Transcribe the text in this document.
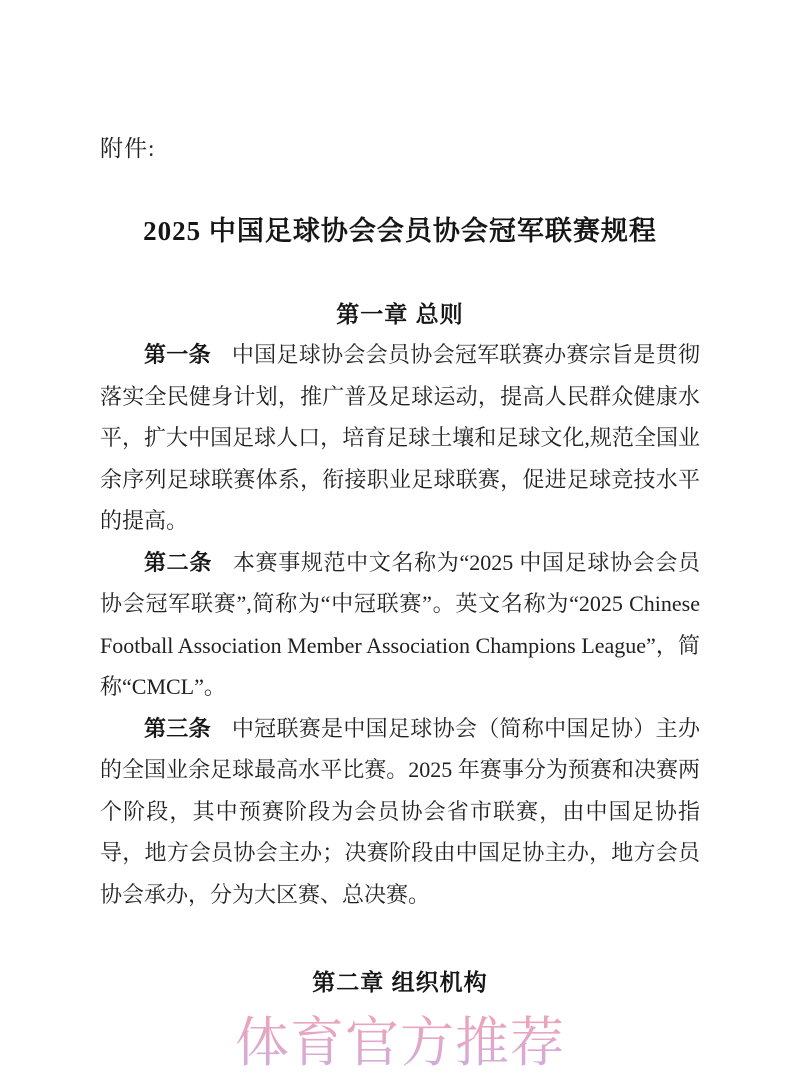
附件:
2025 中国足球协会会员协会冠军联赛规程
第一章 总则

第一条 中国足球协会会员协会冠军联赛办赛宗旨是贯彻落实全民健身计划，推广普及足球运动，提高人民群众健康水平，扩大中国足球人口，培育足球土壤和足球文化,规范全国业余序列足球联赛体系，衔接职业足球联赛，促进足球竞技水平的提高。

第二条 本赛事规范中文名称为“2025 中国足球协会会员协会冠军联赛”,简称为“中冠联赛”。英文名称为“2025 Chinese Football Association Member Association Champions League”，简称“CMCL”。

第三条 中冠联赛是中国足球协会（简称中国足协）主办的全国业余足球最高水平比赛。2025 年赛事分为预赛和决赛两个阶段，其中预赛阶段为会员协会省市联赛，由中国足协指导，地方会员协会主办；决赛阶段由中国足协主办，地方会员协会承办，分为大区赛、总决赛。

第二章 组织机构
体育官方推荐
